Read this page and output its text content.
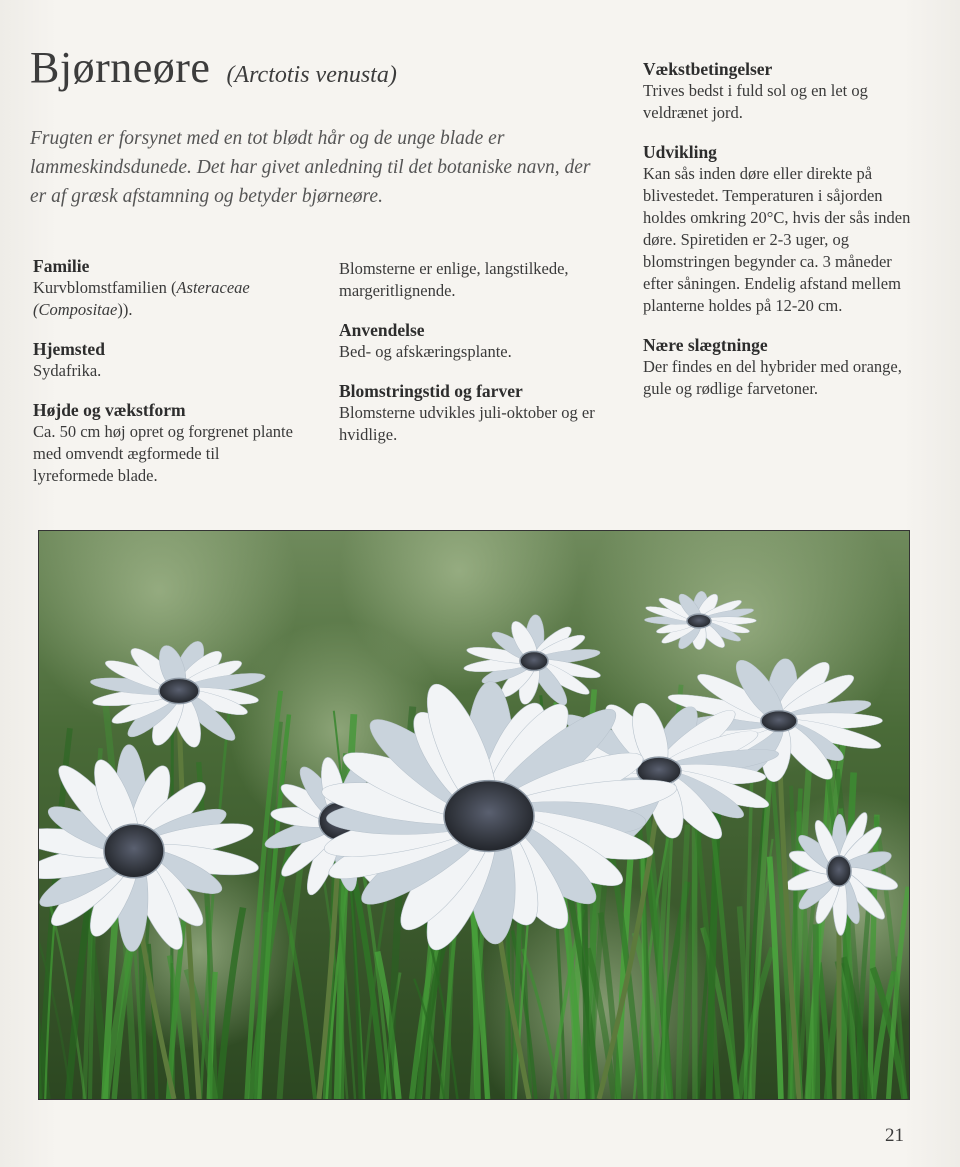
Bjørneøre (Arctotis venusta)
Frugten er forsynet med en tot blødt hår og de unge blade er lammeskindsdunede. Det har givet anledning til det botaniske navn, der er af græsk afstamning og betyder bjørneøre.
Familie

Kurvblomstfamilien (Asteraceae (Compositae)).

Hjemsted

Sydafrika.

Højde og vækstform

Ca. 50 cm høj opret og forgrenet plante med omvendt ægformede til lyreformede blade.

Blomsterne er enlige, langstilkede, margeritlignende.

Anvendelse

Bed- og afskæringsplante.

Blomstringstid og farver

Blomsterne udvikles juli-oktober og er hvidlige.

Vækstbetingelser

Trives bedst i fuld sol og en let og veldrænet jord.

Udvikling

Kan sås inden døre eller direkte på blivestedet. Temperaturen i såjorden holdes omkring 20°C, hvis der sås inden døre. Spiretiden er 2-3 uger, og blomstringen begynder ca. 3 måneder efter såningen. Endelig afstand mellem planterne holdes på 12-20 cm.

Nære slægtninge

Der findes en del hybrider med orange, gule og rødlige farvetoner.

21
